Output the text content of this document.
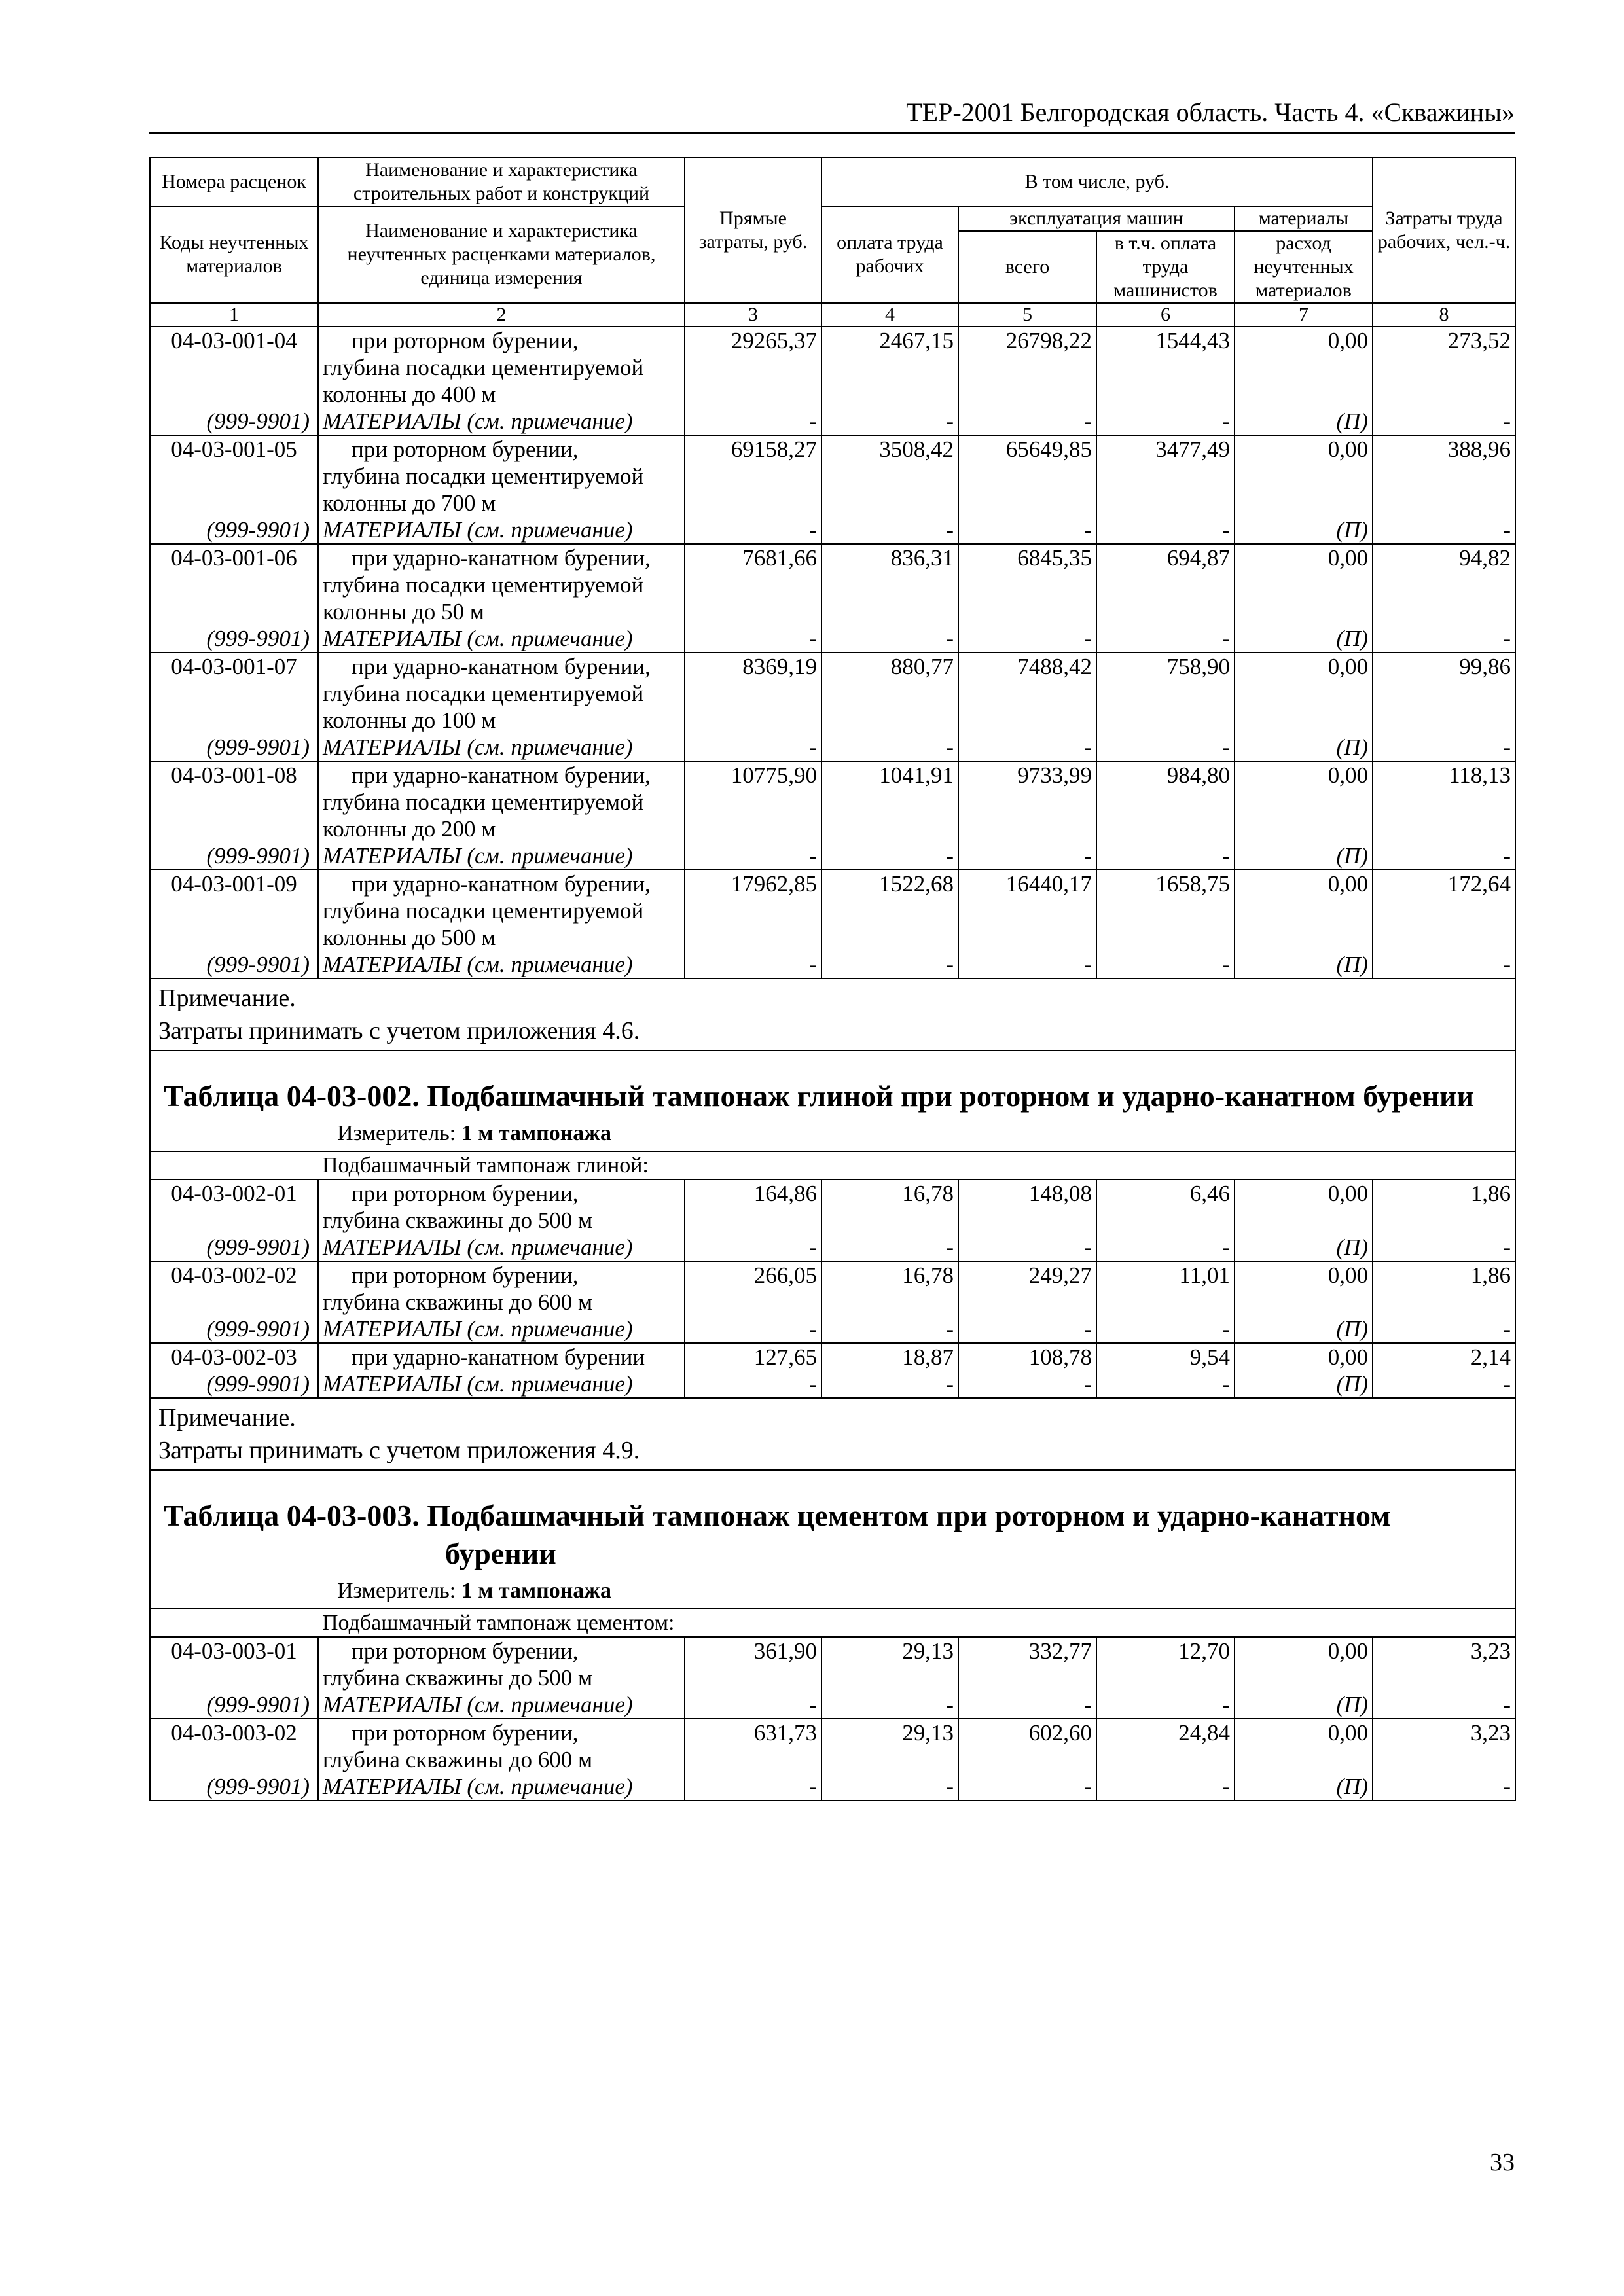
ТЕР-2001 Белгородская область. Часть 4. «Скважины»
Номера расценок	Наименование и характеристика строительных работ и конструкций	Прямые затраты, руб.	В том числе, руб.				Затраты труда рабочих, чел.-ч.
Коды неучтенных материалов	Наименование и характеристика неучтенных расценками материалов, единица измерения		оплата труда рабочих	эксплуатация машин		материалы	
				всего	в т.ч. оплата труда машинистов	расход неучтенных материалов	

1	2	3	4	5	6	7	8
04-03-001-04	при роторном бурении,
глубина посадки цементируемой
колонны до 400 м	29265,37	2467,15	26798,22	1544,43	0,00	273,52
(999-9901)	МАТЕРИАЛЫ (см. примечание)	-	-	-	-	(П)	-
04-03-001-05	при роторном бурении,
глубина посадки цементируемой
колонны до 700 м	69158,27	3508,42	65649,85	3477,49	0,00	388,96
(999-9901)	МАТЕРИАЛЫ (см. примечание)	-	-	-	-	(П)	-
04-03-001-06	при ударно-канатном бурении,
глубина посадки цементируемой
колонны до 50 м	7681,66	836,31	6845,35	694,87	0,00	94,82
(999-9901)	МАТЕРИАЛЫ (см. примечание)	-	-	-	-	(П)	-
04-03-001-07	при ударно-канатном бурении,
глубина посадки цементируемой
колонны до 100 м	8369,19	880,77	7488,42	758,90	0,00	99,86
(999-9901)	МАТЕРИАЛЫ (см. примечание)	-	-	-	-	(П)	-
04-03-001-08	при ударно-канатном бурении,
глубина посадки цементируемой
колонны до 200 м	10775,90	1041,91	9733,99	984,80	0,00	118,13
(999-9901)	МАТЕРИАЛЫ (см. примечание)	-	-	-	-	(П)	-
04-03-001-09	при ударно-канатном бурении,
глубина посадки цементируемой
колонны до 500 м	17962,85	1522,68	16440,17	1658,75	0,00	172,64
(999-9901)	МАТЕРИАЛЫ (см. примечание)	-	-	-	-	(П)	-

Примечание.
Затраты принимать с учетом приложения 4.6.							

Таблица 04-03-002. Подбашмачный тампонаж глиной при роторном и ударно-канатном бурении
Измеритель: 1 м тампонажа							

	Подбашмачный тампонаж глиной:						
04-03-002-01	при роторном бурении,
глубина скважины до 500 м	164,86	16,78	148,08	6,46	0,00	1,86
(999-9901)	МАТЕРИАЛЫ (см. примечание)	-	-	-	-	(П)	-
04-03-002-02	при роторном бурении,
глубина скважины до 600 м	266,05	16,78	249,27	11,01	0,00	1,86
(999-9901)	МАТЕРИАЛЫ (см. примечание)	-	-	-	-	(П)	-
04-03-002-03	при ударно-канатном бурении	127,65	18,87	108,78	9,54	0,00	2,14
(999-9901)	МАТЕРИАЛЫ (см. примечание)	-	-	-	-	(П)	-

Примечание.
Затраты принимать с учетом приложения 4.9.							

Таблица 04-03-003. Подбашмачный тампонаж цементом при роторном и ударно-канатном бурении
Измеритель: 1 м тампонажа							

	Подбашмачный тампонаж цементом:						
04-03-003-01	при роторном бурении,
глубина скважины до 500 м	361,90	29,13	332,77	12,70	0,00	3,23
(999-9901)	МАТЕРИАЛЫ (см. примечание)	-	-	-	-	(П)	-
04-03-003-02	при роторном бурении,
глубина скважины до 600 м	631,73	29,13	602,60	24,84	0,00	3,23
(999-9901)	МАТЕРИАЛЫ (см. примечание)	-	-	-	-	(П)	-
33
